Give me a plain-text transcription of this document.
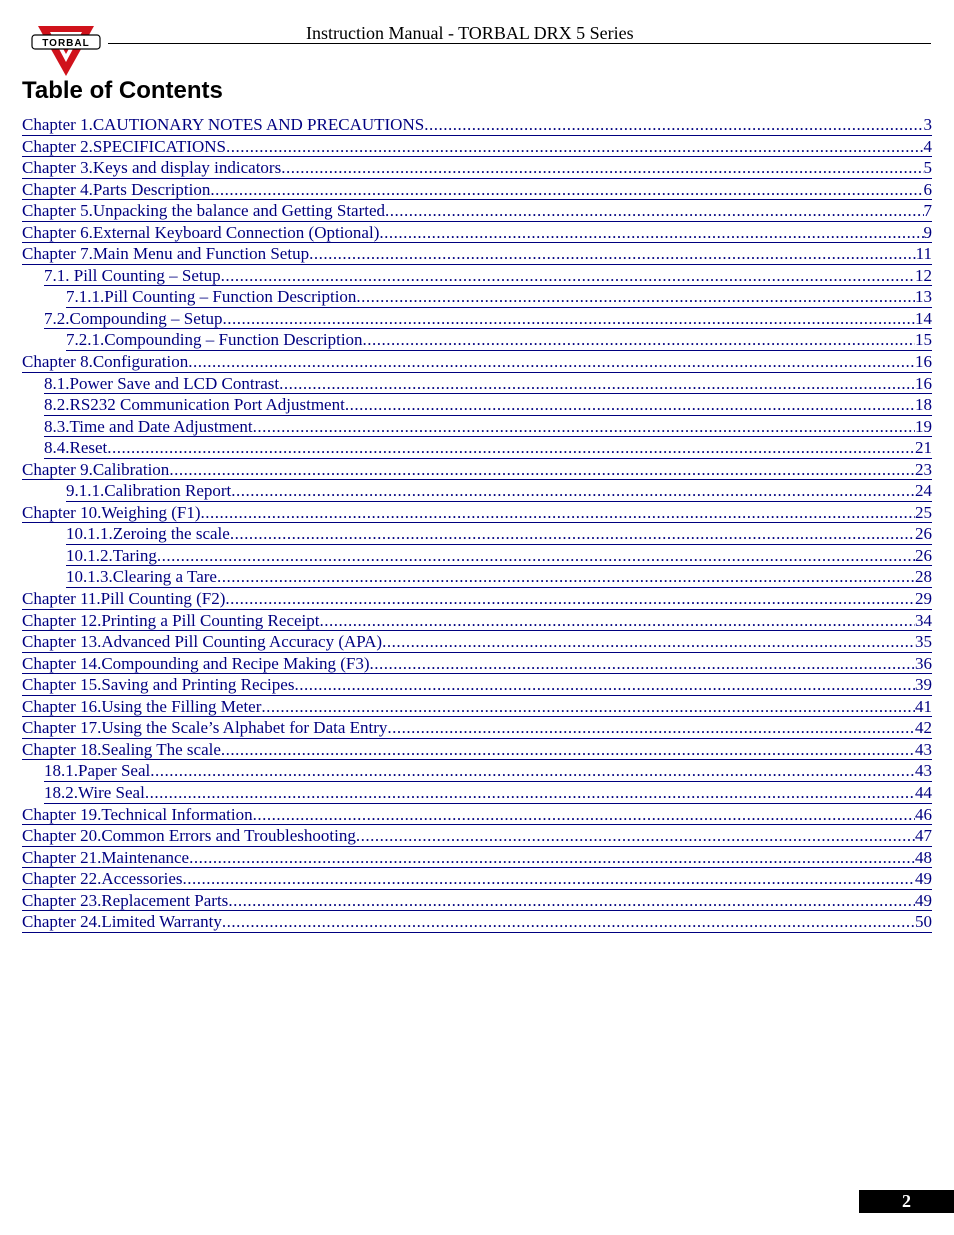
TORBAL
Instruction Manual - TORBAL DRX 5 Series
Table of Contents
Chapter 1.CAUTIONARY NOTES AND PRECAUTIONS .....	3
Chapter 2.SPECIFICATIONS .....	4
Chapter 3.Keys and display indicators .....	5
Chapter 4.Parts Description .....	6
Chapter 5.Unpacking the balance and Getting Started .....	7
Chapter 6.External Keyboard Connection (Optional) .....	9
Chapter 7.Main Menu and Function Setup .....	11
7.1. Pill Counting – Setup .....	12
7.1.1.Pill Counting – Function Description .....	13
7.2.Compounding – Setup .....	14
7.2.1.Compounding – Function Description .....	15
Chapter 8.Configuration .....	16
8.1.Power Save and LCD Contrast .....	16
8.2.RS232 Communication Port Adjustment .....	18
8.3.Time and Date Adjustment .....	19
8.4.Reset .....	21
Chapter 9.Calibration .....	23
9.1.1.Calibration Report .....	24
Chapter 10.Weighing (F1) .....	25
10.1.1.Zeroing the scale .....	26
10.1.2.Taring .....	26
10.1.3.Clearing a Tare .....	28
Chapter 11.Pill Counting (F2) .....	29
Chapter 12.Printing a Pill Counting Receipt .....	34
Chapter 13.Advanced Pill Counting Accuracy (APA) .....	35
Chapter 14.Compounding and Recipe Making (F3) .....	36
Chapter 15.Saving and Printing Recipes .....	39
Chapter 16.Using the Filling Meter .....	41
Chapter 17.Using the Scale’s Alphabet for Data Entry .....	42
Chapter 18.Sealing The scale .....	43
18.1.Paper Seal .....	43
18.2.Wire Seal .....	44
Chapter 19.Technical Information .....	46
Chapter 20.Common Errors and Troubleshooting .....	47
Chapter 21.Maintenance .....	48
Chapter 22.Accessories .....	49
Chapter 23.Replacement Parts .....	49
Chapter 24.Limited Warranty .....	50
2
